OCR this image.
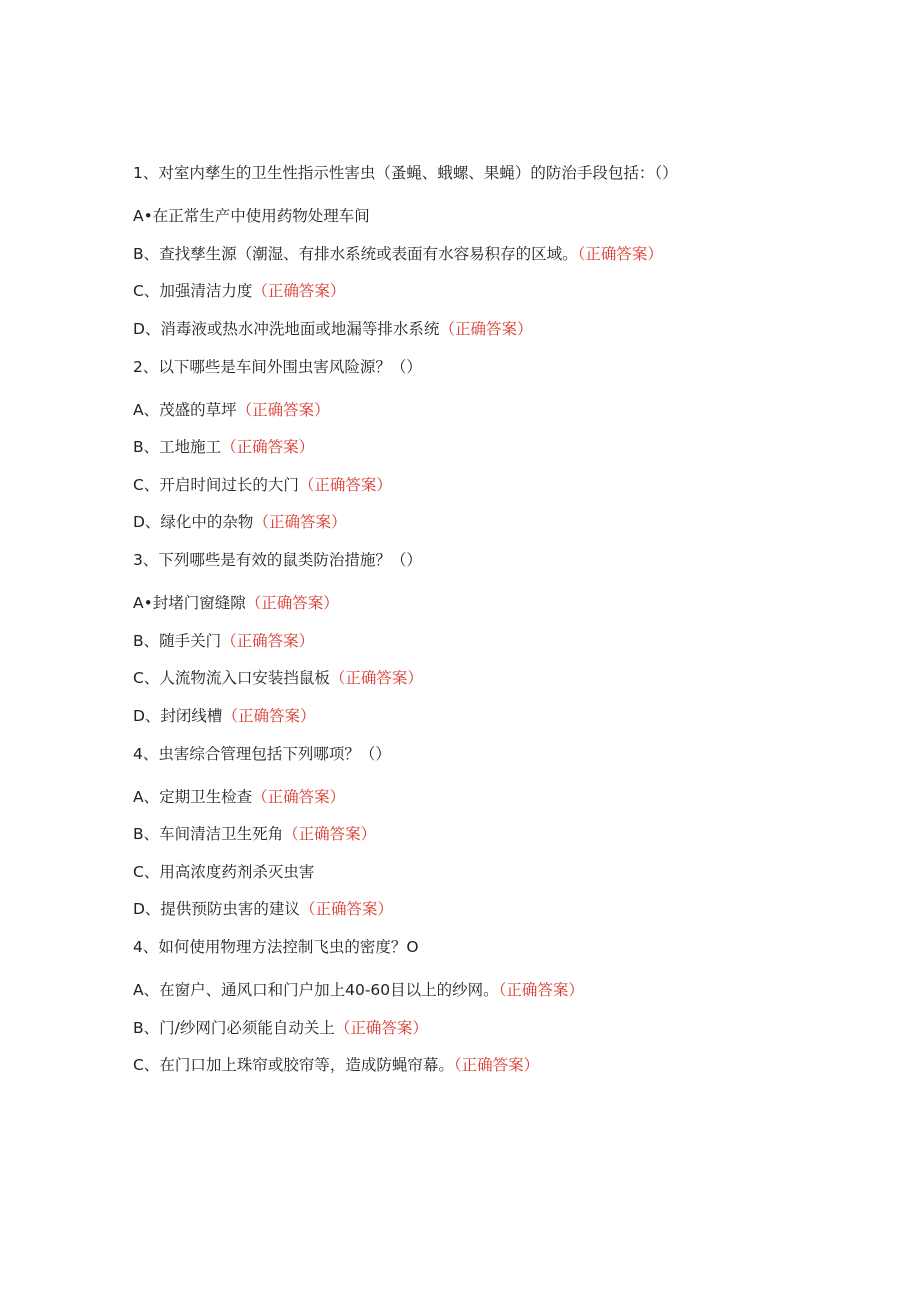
1、对室内孳生的卫生性指示性害虫（蚤蝇、蛾螺、果蝇）的防治手段包括：（）
A•在正常生产中使用药物处理车间
B、查找孳生源（潮湿、有排水系统或表面有水容易积存的区域。（正确答案）
C、加强清洁力度（正确答案）
D、消毒液或热水冲洗地面或地漏等排水系统（正确答案）
2、以下哪些是车间外围虫害风险源？（）
A、茂盛的草坪（正确答案）
B、工地施工（正确答案）
C、开启时间过长的大门（正确答案）
D、绿化中的杂物（正确答案）
3、下列哪些是有效的鼠类防治措施？（）
A•封堵门窗缝隙（正确答案）
B、随手关门（正确答案）
C、人流物流入口安装挡鼠板（正确答案）
D、封闭线槽（正确答案）
4、虫害综合管理包括下列哪项？（）
A、定期卫生检查（正确答案）
B、车间清洁卫生死角（正确答案）
C、用高浓度药剂杀灭虫害
D、提供预防虫害的建议（正确答案）
4、如何使用物理方法控制飞虫的密度？O
A、在窗户、通风口和门户加上40-60目以上的纱网。（正确答案）
B、门/纱网门必须能自动关上（正确答案）
C、在门口加上珠帘或胶帘等，造成防蝇帘幕。（正确答案）
